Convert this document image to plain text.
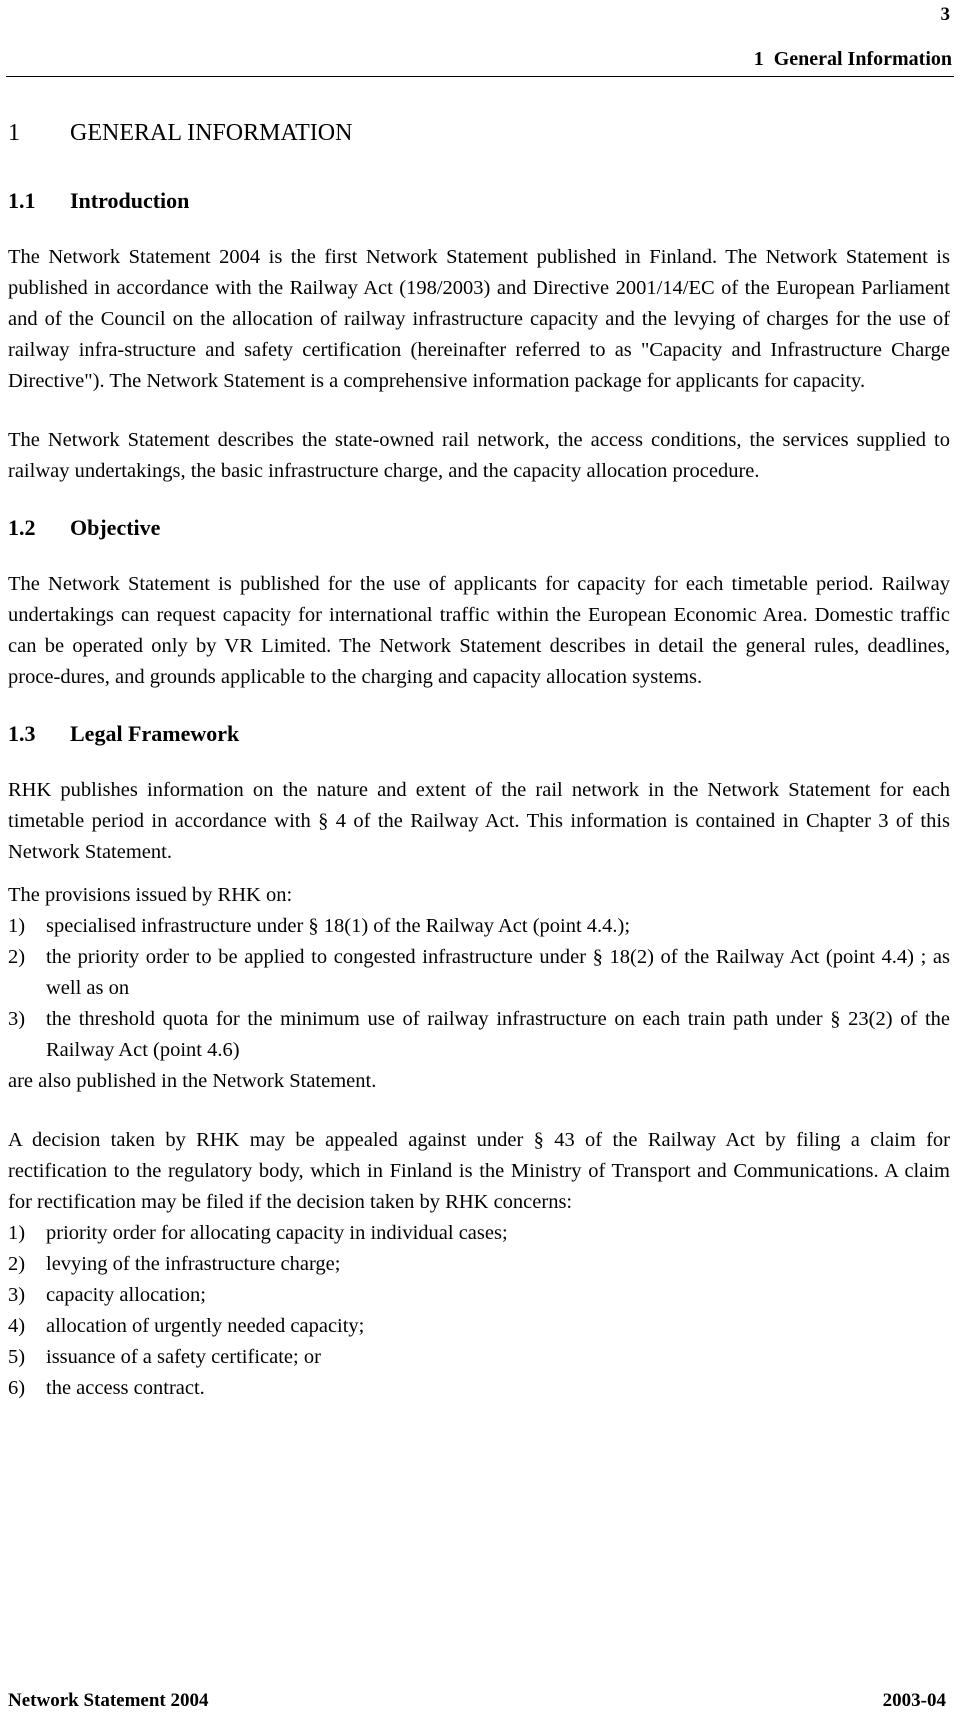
3
1  General Information
1	GENERAL INFORMATION
1.1	Introduction

The Network Statement 2004 is the first Network Statement published in Finland. The Network Statement is published in accordance with the Railway Act (198/2003) and Directive 2001/14/EC of the European Parliament and of the Council on the allocation of railway infrastructure capacity and the levying of charges for the use of railway infra-structure and safety certification (hereinafter referred to as "Capacity and Infrastructure Charge Directive"). The Network Statement is a comprehensive information package for applicants for capacity.

The Network Statement describes the state-owned rail network, the access conditions, the services supplied to railway undertakings, the basic infrastructure charge, and the capacity allocation procedure.

1.2	Objective

The Network Statement is published for the use of applicants for capacity for each timetable period. Railway undertakings can request capacity for international traffic within the European Economic Area. Domestic traffic can be operated only by VR Limited. The Network Statement describes in detail the general rules, deadlines, proce-dures, and grounds applicable to the charging and capacity allocation systems.

1.3	Legal Framework

RHK publishes information on the nature and extent of the rail network in the Network Statement for each timetable period in accordance with § 4 of the Railway Act. This information is contained in Chapter 3 of this Network Statement.

The provisions issued by RHK on:

1)	specialised infrastructure under § 18(1) of the Railway Act (point 4.4.);
2)	the priority order to be applied to congested infrastructure under § 18(2) of the Railway Act (point 4.4) ; as well as on
3)	the threshold quota for the minimum use of railway infrastructure on each train path under § 23(2) of the Railway Act (point 4.6)

are also published in the Network Statement.

A decision taken by RHK may be appealed against under § 43 of the Railway Act by filing a claim for rectification to the regulatory body, which in Finland is the Ministry of Transport and Communications. A claim for rectification may be filed if the decision taken by RHK concerns:

1)	priority order for allocating capacity in individual cases;
2)	levying of the infrastructure charge;
3)	capacity allocation;
4)	allocation of urgently needed capacity;
5)	issuance of a safety certificate; or
6)	the access contract.
Network Statement 2004	2003-04
